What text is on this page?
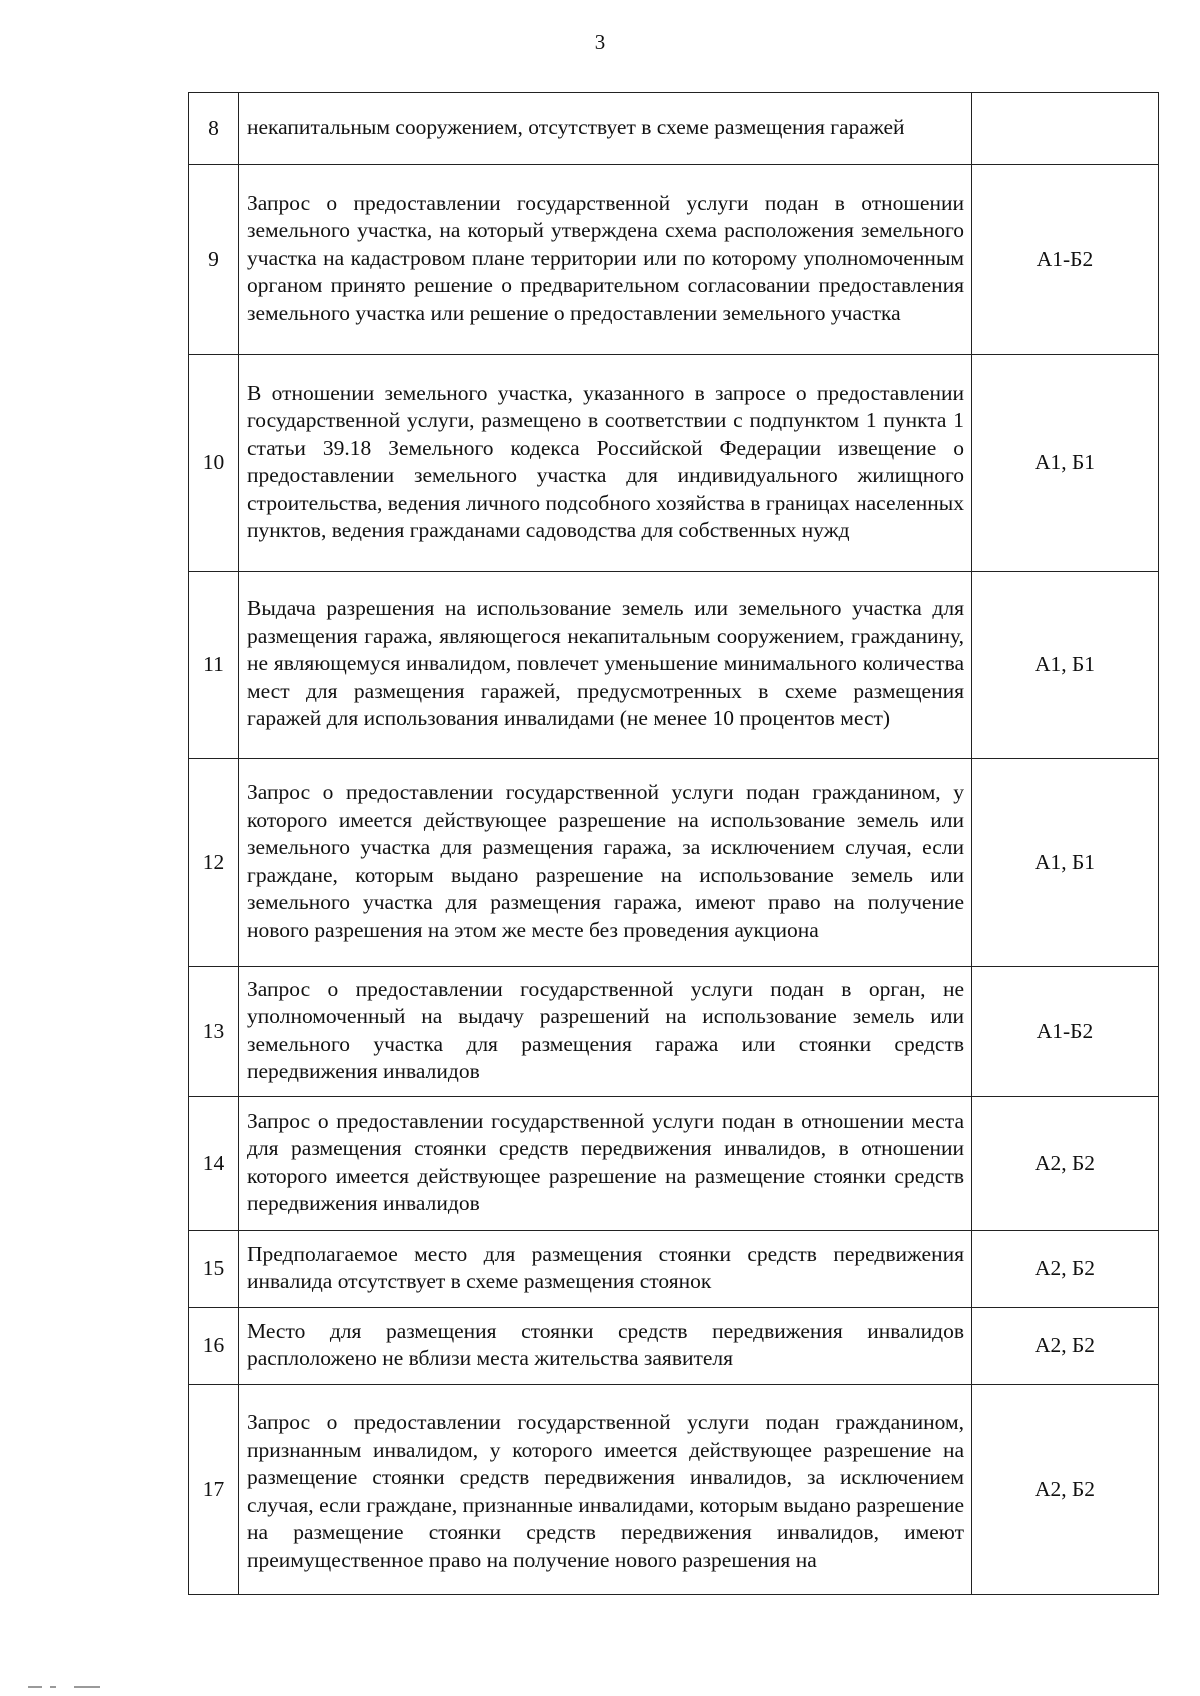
3
8	некапитальным сооружением, отсутствует в схеме размещения гаражей	
9	Запрос о предоставлении государственной услуги подан в отношении земельного участка, на который утверждена схема расположения земельного участка на кадастровом плане территории или по которому уполномоченным органом принято решение о предварительном согласовании предоставления земельного участка или решение о предоставлении земельного участка	А1-Б2
10	В отношении земельного участка, указанного в запросе о предоставлении государственной услуги, размещено в соответствии с подпунктом 1 пункта 1 статьи 39.18 Земельного кодекса Российской Федерации извещение о предоставлении земельного участка для индивидуального жилищного строительства, ведения личного подсобного хозяйства в границах населенных пунктов, ведения гражданами садоводства для собственных нужд	А1, Б1
11	Выдача разрешения на использование земель или земельного участка для размещения гаража, являющегося некапитальным сооружением, гражданину, не являющемуся инвалидом, повлечет уменьшение минимального количества мест для размещения гаражей, предусмотренных в схеме размещения гаражей для использования инвалидами (не менее 10 процентов мест)	А1, Б1
12	Запрос о предоставлении государственной услуги подан гражданином, у которого имеется действующее разрешение на использование земель или земельного участка для размещения гаража, за исключением случая, если граждане, которым выдано разрешение на использование земель или земельного участка для размещения гаража, имеют право на получение нового разрешения на этом же месте без проведения аукциона	А1, Б1
13	Запрос о предоставлении государственной услуги подан в орган, не уполномоченный на выдачу разрешений на использование земель или земельного участка для размещения гаража или стоянки средств передвижения инвалидов	А1-Б2
14	Запрос о предоставлении государственной услуги подан в отношении места для размещения стоянки средств передвижения инвалидов, в отношении которого имеется действующее разрешение на размещение стоянки средств передвижения инвалидов	А2, Б2
15	Предполагаемое место для размещения стоянки средств передвижения инвалида отсутствует в схеме размещения стоянок	А2, Б2
16	Место для размещения стоянки средств передвижения инвалидов расплоложено не вблизи места жительства заявителя	А2, Б2
17	Запрос о предоставлении государственной услуги подан гражданином, признанным инвалидом, у которого имеется действующее разрешение на размещение стоянки средств передвижения инвалидов, за исключением случая, если граждане, признанные инвалидами, которым выдано разрешение на размещение стоянки средств передвижения инвалидов, имеют преимущественное право на получение нового разрешения на	А2, Б2
